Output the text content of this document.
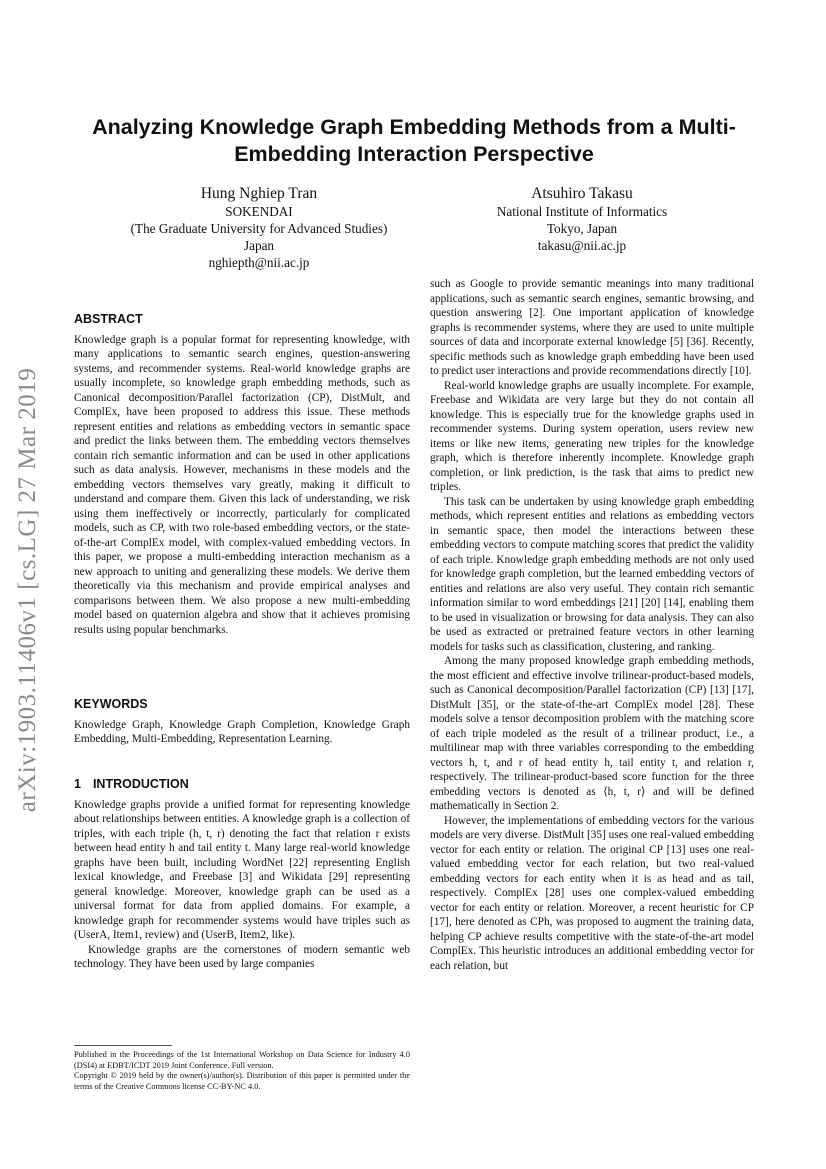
arXiv:1903.11406v1 [cs.LG] 27 Mar 2019
Analyzing Knowledge Graph Embedding Methods from a Multi-Embedding Interaction Perspective
Hung Nghiep Tran
SOKENDAI
(The Graduate University for Advanced Studies)
Japan
nghiepth@nii.ac.jp
Atsuhiro Takasu
National Institute of Informatics
Tokyo, Japan
takasu@nii.ac.jp
ABSTRACT

Knowledge graph is a popular format for representing knowledge, with many applications to semantic search engines, question-answering systems, and recommender systems. Real-world knowledge graphs are usually incomplete, so knowledge graph embedding methods, such as Canonical decomposition/Parallel factorization (CP), DistMult, and ComplEx, have been proposed to address this issue. These methods represent entities and relations as embedding vectors in semantic space and predict the links between them. The embedding vectors themselves contain rich semantic information and can be used in other applications such as data analysis. However, mechanisms in these models and the embedding vectors themselves vary greatly, making it difficult to understand and compare them. Given this lack of understanding, we risk using them ineffectively or incorrectly, particularly for complicated models, such as CP, with two role-based embedding vectors, or the state-of-the-art ComplEx model, with complex-valued embedding vectors. In this paper, we propose a multi-embedding interaction mechanism as a new approach to uniting and generalizing these models. We derive them theoretically via this mechanism and provide empirical analyses and comparisons between them. We also propose a new multi-embedding model based on quaternion algebra and show that it achieves promising results using popular benchmarks.

KEYWORDS

Knowledge Graph, Knowledge Graph Completion, Knowledge Graph Embedding, Multi-Embedding, Representation Learning.

1 INTRODUCTION

Knowledge graphs provide a unified format for representing knowledge about relationships between entities. A knowledge graph is a collection of triples, with each triple (h, t, r) denoting the fact that relation r exists between head entity h and tail entity t. Many large real-world knowledge graphs have been built, including WordNet [22] representing English lexical knowledge, and Freebase [3] and Wikidata [29] representing general knowledge. Moreover, knowledge graph can be used as a universal format for data from applied domains. For example, a knowledge graph for recommender systems would have triples such as (UserA, Item1, review) and (UserB, Item2, like).

Knowledge graphs are the cornerstones of modern semantic web technology. They have been used by large companies

such as Google to provide semantic meanings into many traditional applications, such as semantic search engines, semantic browsing, and question answering [2]. One important application of knowledge graphs is recommender systems, where they are used to unite multiple sources of data and incorporate external knowledge [5] [36]. Recently, specific methods such as knowledge graph embedding have been used to predict user interactions and provide recommendations directly [10].

Real-world knowledge graphs are usually incomplete. For example, Freebase and Wikidata are very large but they do not contain all knowledge. This is especially true for the knowledge graphs used in recommender systems. During system operation, users review new items or like new items, generating new triples for the knowledge graph, which is therefore inherently incomplete. Knowledge graph completion, or link prediction, is the task that aims to predict new triples.

This task can be undertaken by using knowledge graph embedding methods, which represent entities and relations as embedding vectors in semantic space, then model the interactions between these embedding vectors to compute matching scores that predict the validity of each triple. Knowledge graph embedding methods are not only used for knowledge graph completion, but the learned embedding vectors of entities and relations are also very useful. They contain rich semantic information similar to word embeddings [21] [20] [14], enabling them to be used in visualization or browsing for data analysis. They can also be used as extracted or pretrained feature vectors in other learning models for tasks such as classification, clustering, and ranking.

Among the many proposed knowledge graph embedding methods, the most efficient and effective involve trilinear-product-based models, such as Canonical decomposition/Parallel factorization (CP) [13] [17], DistMult [35], or the state-of-the-art ComplEx model [28]. These models solve a tensor decomposition problem with the matching score of each triple modeled as the result of a trilinear product, i.e., a multilinear map with three variables corresponding to the embedding vectors h, t, and r of head entity h, tail entity t, and relation r, respectively. The trilinear-product-based score function for the three embedding vectors is denoted as ⟨h, t, r⟩ and will be defined mathematically in Section 2.

However, the implementations of embedding vectors for the various models are very diverse. DistMult [35] uses one real-valued embedding vector for each entity or relation. The original CP [13] uses one real-valued embedding vector for each relation, but two real-valued embedding vectors for each entity when it is as head and as tail, respectively. ComplEx [28] uses one complex-valued embedding vector for each entity or relation. Moreover, a recent heuristic for CP [17], here denoted as CPh, was proposed to augment the training data, helping CP achieve results competitive with the state-of-the-art model ComplEx. This heuristic introduces an additional embedding vector for each relation, but

Published in the Proceedings of the 1st International Workshop on Data Science for Industry 4.0 (DSI4) at EDBT/ICDT 2019 Joint Conference. Full version.
Copyright © 2019 held by the owner(s)/author(s). Distribution of this paper is permitted under the terms of the Creative Commons license CC-BY-NC 4.0.
